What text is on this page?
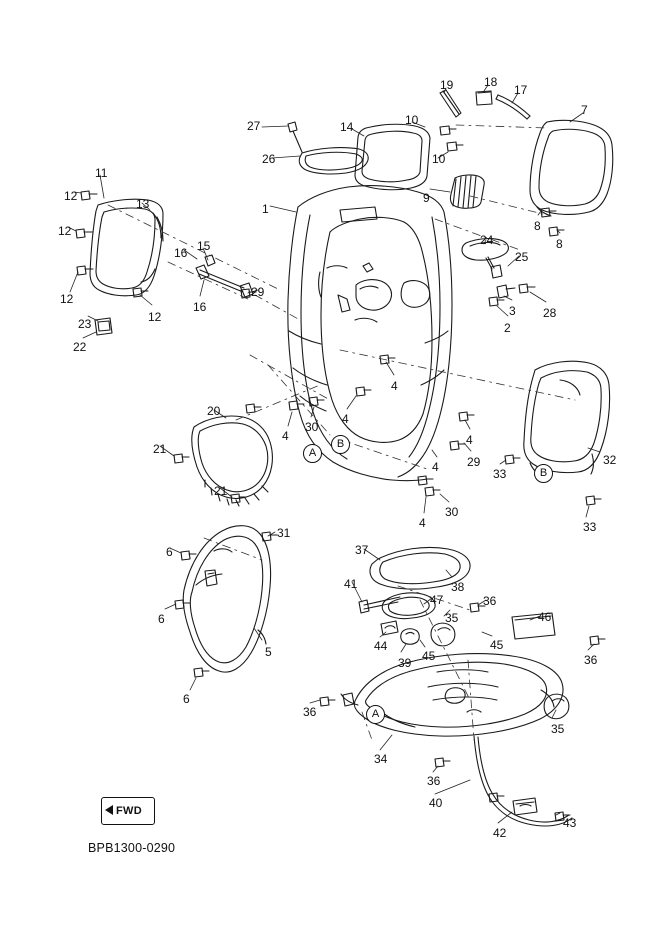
27
26
14	10
19	18
17
7
10
9
8
8
11
12
13
12
12
12
23
22
1
16 15
16
29
24
25
28
2
3
4
4
29
4
4
4
30
30
4
20
21
21
32
33
33
31
6
6
6
5
37
38
41
47
35
36
46
45
45
44
39	36
35
36
34
36
40
42
43
A
B
B
A
FWD
BPB1300-0290
